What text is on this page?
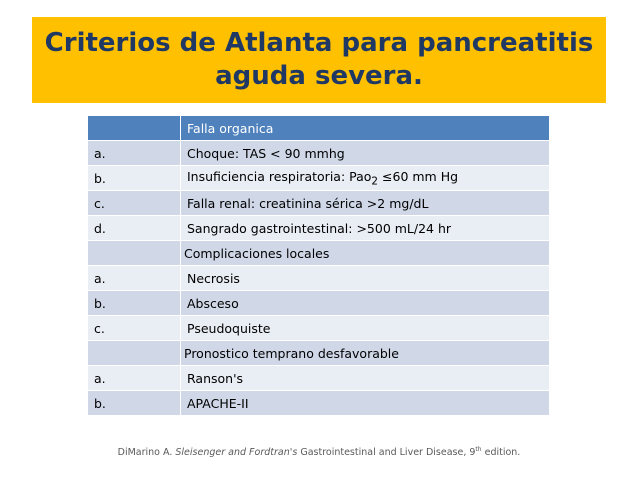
Criterios de Atlanta para pancreatitis
aguda severa.
	Falla organica
a.	Choque: TAS < 90 mmhg
b.	Insuficiencia respiratoria: Pao$_2$ ≤60 mm Hg
c.	Falla renal: creatinina sérica >2 mg/dL
d.	Sangrado gastrointestinal: >500 mL/24 hr
	Complicaciones locales
a.	Necrosis
b.	Absceso
c.	Pseudoquiste
	Pronostico temprano desfavorable
a.	Ranson's
b.	APACHE-II
DiMarino A. Sleisenger and Fordtran's Gastrointestinal and Liver Disease, 9th edition.
